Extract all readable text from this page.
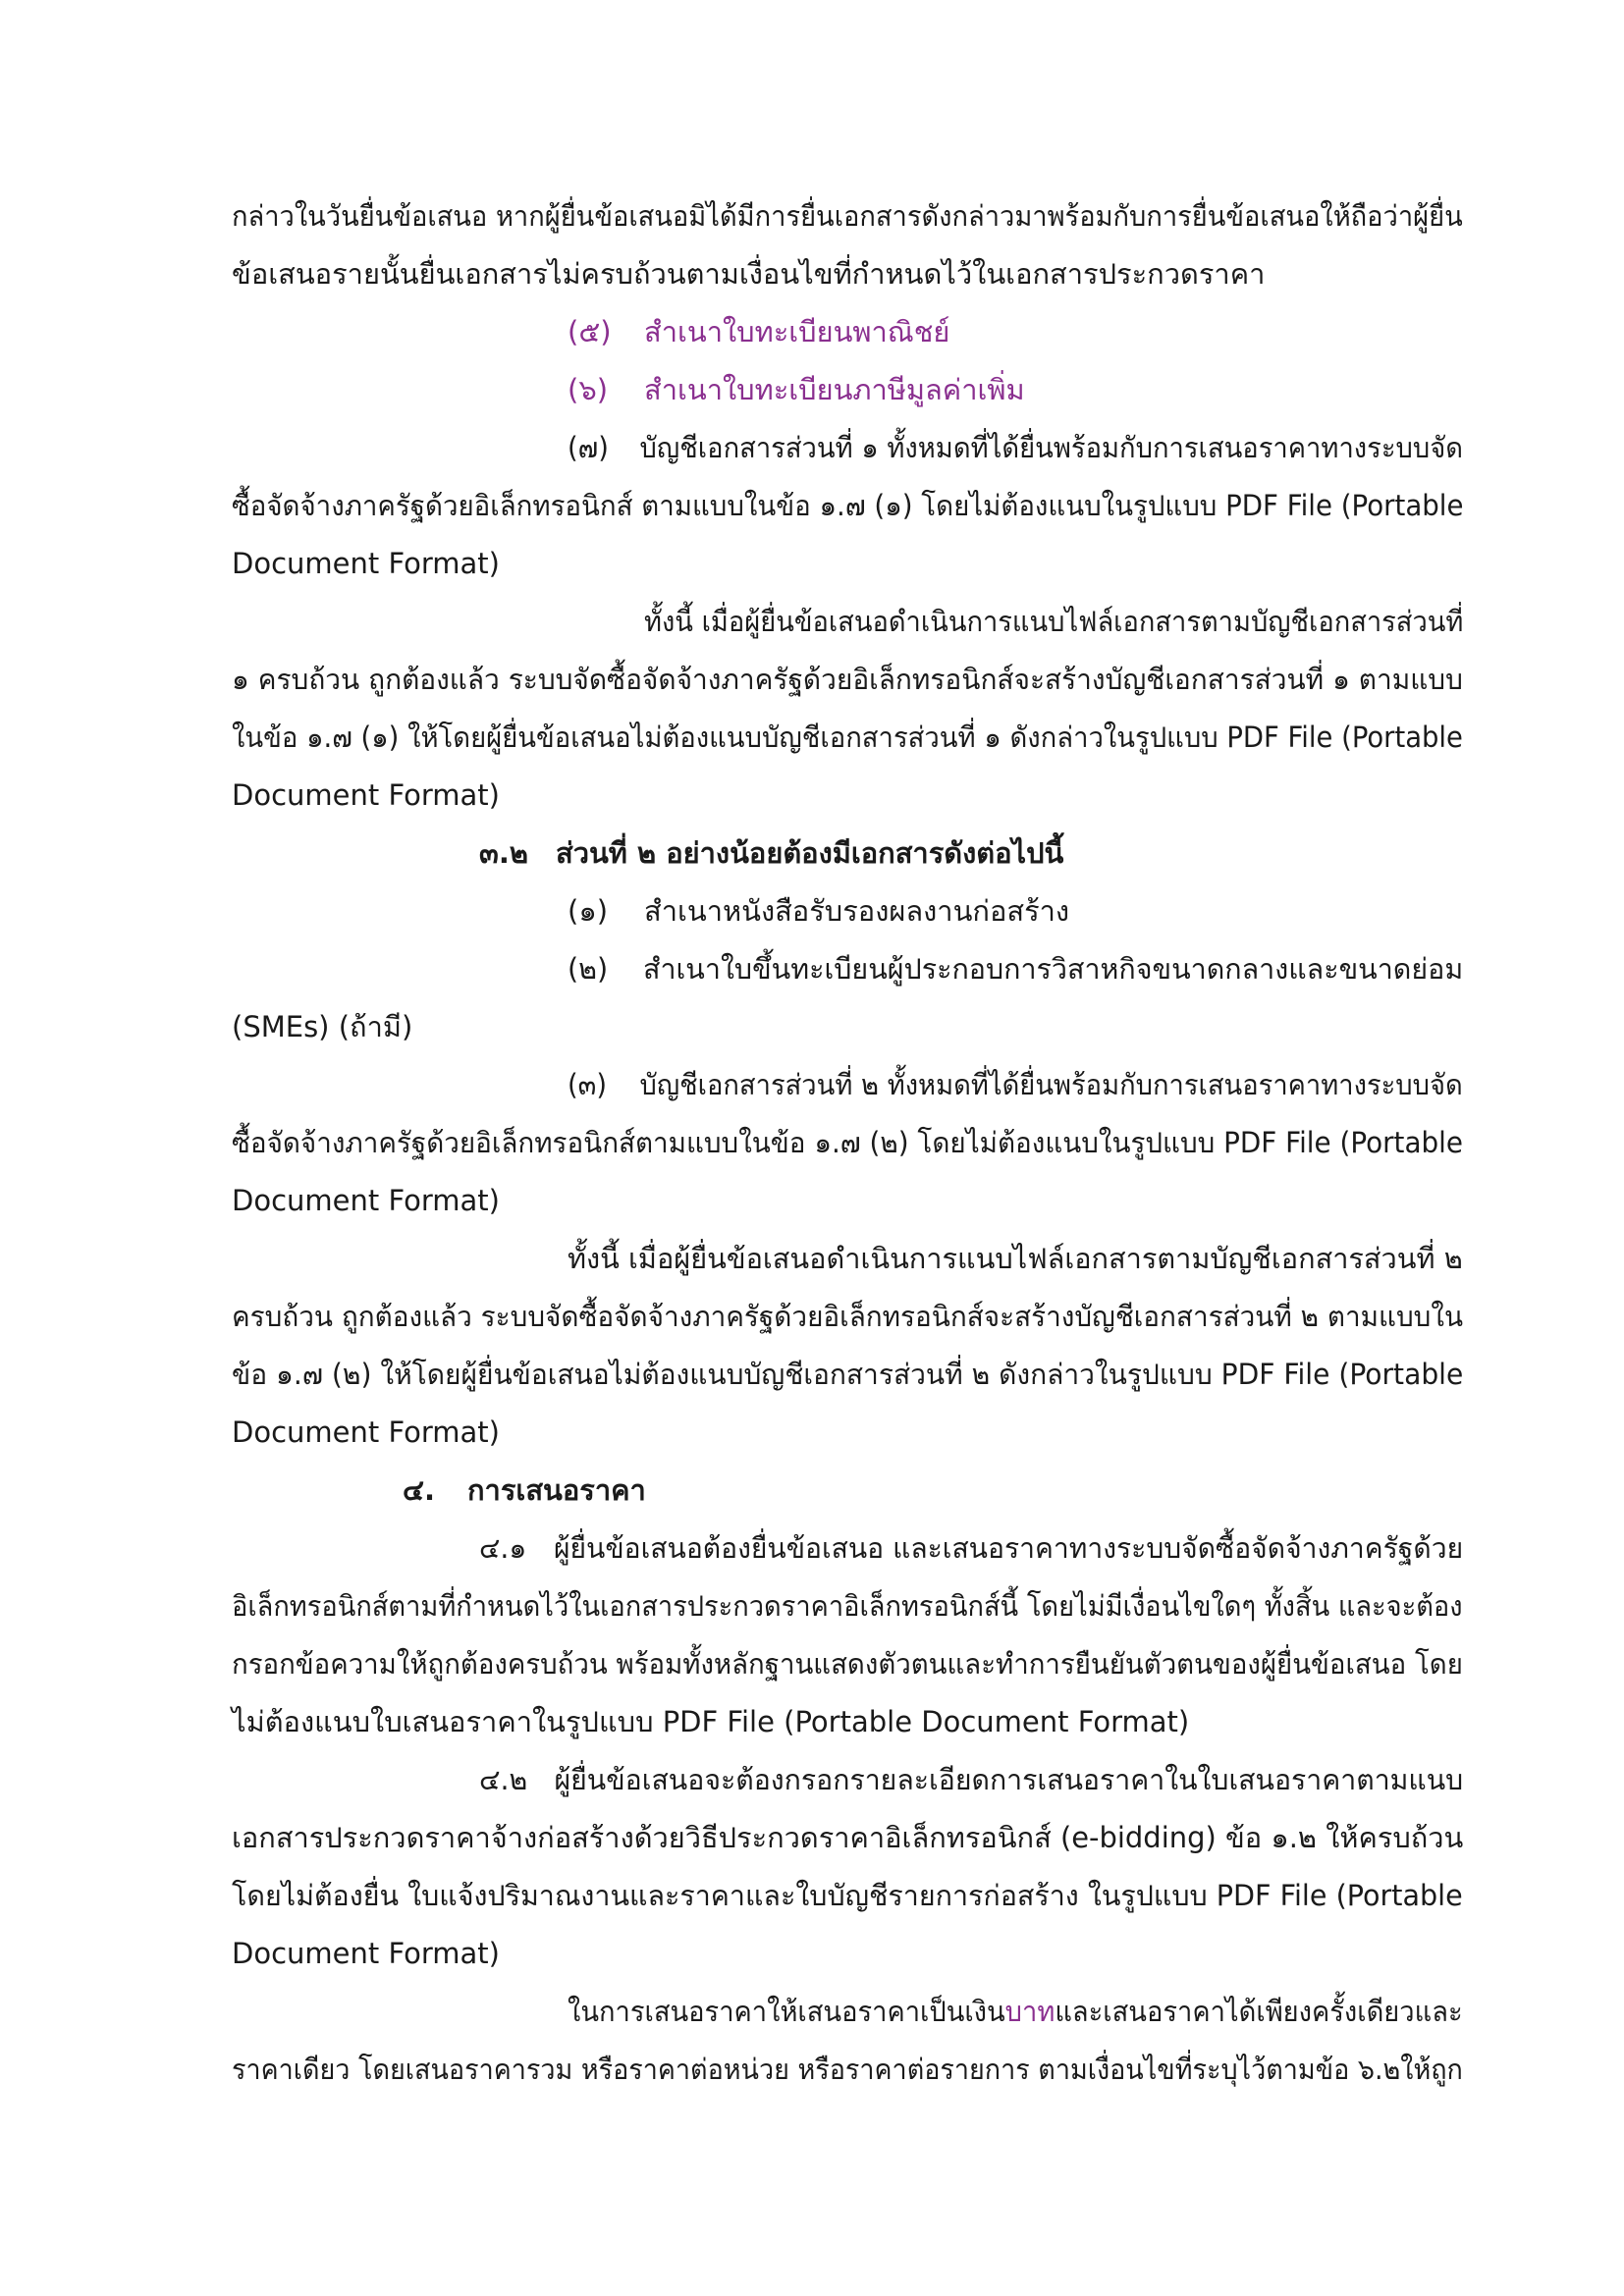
กล่าวในวันยื่นข้อเสนอ หากผู้ยื่นข้อเสนอมิได้มีการยื่นเอกสารดังกล่าวมาพร้อมกับการยื่นข้อเสนอให้ถือว่าผู้ยื่น
ข้อเสนอรายนั้นยื่นเอกสารไม่ครบถ้วนตามเงื่อนไขที่กำหนดไว้ในเอกสารประกวดราคา
(๕) สำเนาใบทะเบียนพาณิชย์
(๖) สำเนาใบทะเบียนภาษีมูลค่าเพิ่ม
(๗) บัญชีเอกสารส่วนที่ ๑ ทั้งหมดที่ได้ยื่นพร้อมกับการเสนอราคาทางระบบจัด
ซื้อจัดจ้างภาครัฐด้วยอิเล็กทรอนิกส์ ตามแบบในข้อ ๑.๗ (๑) โดยไม่ต้องแนบในรูปแบบ PDF File (Portable
Document Format)
ทั้งนี้ เมื่อผู้ยื่นข้อเสนอดำเนินการแนบไฟล์เอกสารตามบัญชีเอกสารส่วนที่
๑ ครบถ้วน ถูกต้องแล้ว ระบบจัดซื้อจัดจ้างภาครัฐด้วยอิเล็กทรอนิกส์จะสร้างบัญชีเอกสารส่วนที่ ๑ ตามแบบ
ในข้อ ๑.๗ (๑) ให้โดยผู้ยื่นข้อเสนอไม่ต้องแนบบัญชีเอกสารส่วนที่ ๑ ดังกล่าวในรูปแบบ PDF File (Portable
Document Format)
๓.๒ ส่วนที่ ๒ อย่างน้อยต้องมีเอกสารดังต่อไปนี้
(๑) สำเนาหนังสือรับรองผลงานก่อสร้าง
(๒) สำเนาใบขึ้นทะเบียนผู้ประกอบการวิสาหกิจขนาดกลางและขนาดย่อม
(SMEs) (ถ้ามี)
(๓) บัญชีเอกสารส่วนที่ ๒ ทั้งหมดที่ได้ยื่นพร้อมกับการเสนอราคาทางระบบจัด
ซื้อจัดจ้างภาครัฐด้วยอิเล็กทรอนิกส์ตามแบบในข้อ ๑.๗ (๒) โดยไม่ต้องแนบในรูปแบบ PDF File (Portable
Document Format)
ทั้งนี้ เมื่อผู้ยื่นข้อเสนอดำเนินการแนบไฟล์เอกสารตามบัญชีเอกสารส่วนที่ ๒
ครบถ้วน ถูกต้องแล้ว ระบบจัดซื้อจัดจ้างภาครัฐด้วยอิเล็กทรอนิกส์จะสร้างบัญชีเอกสารส่วนที่ ๒ ตามแบบใน
ข้อ ๑.๗ (๒) ให้โดยผู้ยื่นข้อเสนอไม่ต้องแนบบัญชีเอกสารส่วนที่ ๒ ดังกล่าวในรูปแบบ PDF File (Portable
Document Format)
๔. การเสนอราคา
๔.๑ ผู้ยื่นข้อเสนอต้องยื่นข้อเสนอ และเสนอราคาทางระบบจัดซื้อจัดจ้างภาครัฐด้วย
อิเล็กทรอนิกส์ตามที่กำหนดไว้ในเอกสารประกวดราคาอิเล็กทรอนิกส์นี้ โดยไม่มีเงื่อนไขใดๆ ทั้งสิ้น และจะต้อง
กรอกข้อความให้ถูกต้องครบถ้วน พร้อมทั้งหลักฐานแสดงตัวตนและทำการยืนยันตัวตนของผู้ยื่นข้อเสนอ โดย
ไม่ต้องแนบใบเสนอราคาในรูปแบบ PDF File (Portable Document Format)
๔.๒ ผู้ยื่นข้อเสนอจะต้องกรอกรายละเอียดการเสนอราคาในใบเสนอราคาตามแนบ
เอกสารประกวดราคาจ้างก่อสร้างด้วยวิธีประกวดราคาอิเล็กทรอนิกส์ (e-bidding) ข้อ ๑.๒ ให้ครบถ้วน
โดยไม่ต้องยื่น ใบแจ้งปริมาณงานและราคาและใบบัญชีรายการก่อสร้าง ในรูปแบบ PDF File (Portable
Document Format)
ในการเสนอราคาให้เสนอราคาเป็นเงินบาทและเสนอราคาได้เพียงครั้งเดียวและ
ราคาเดียว โดยเสนอราคารวม หรือราคาต่อหน่วย หรือราคาต่อรายการ ตามเงื่อนไขที่ระบุไว้ตามข้อ ๖.๒ให้ถูก
